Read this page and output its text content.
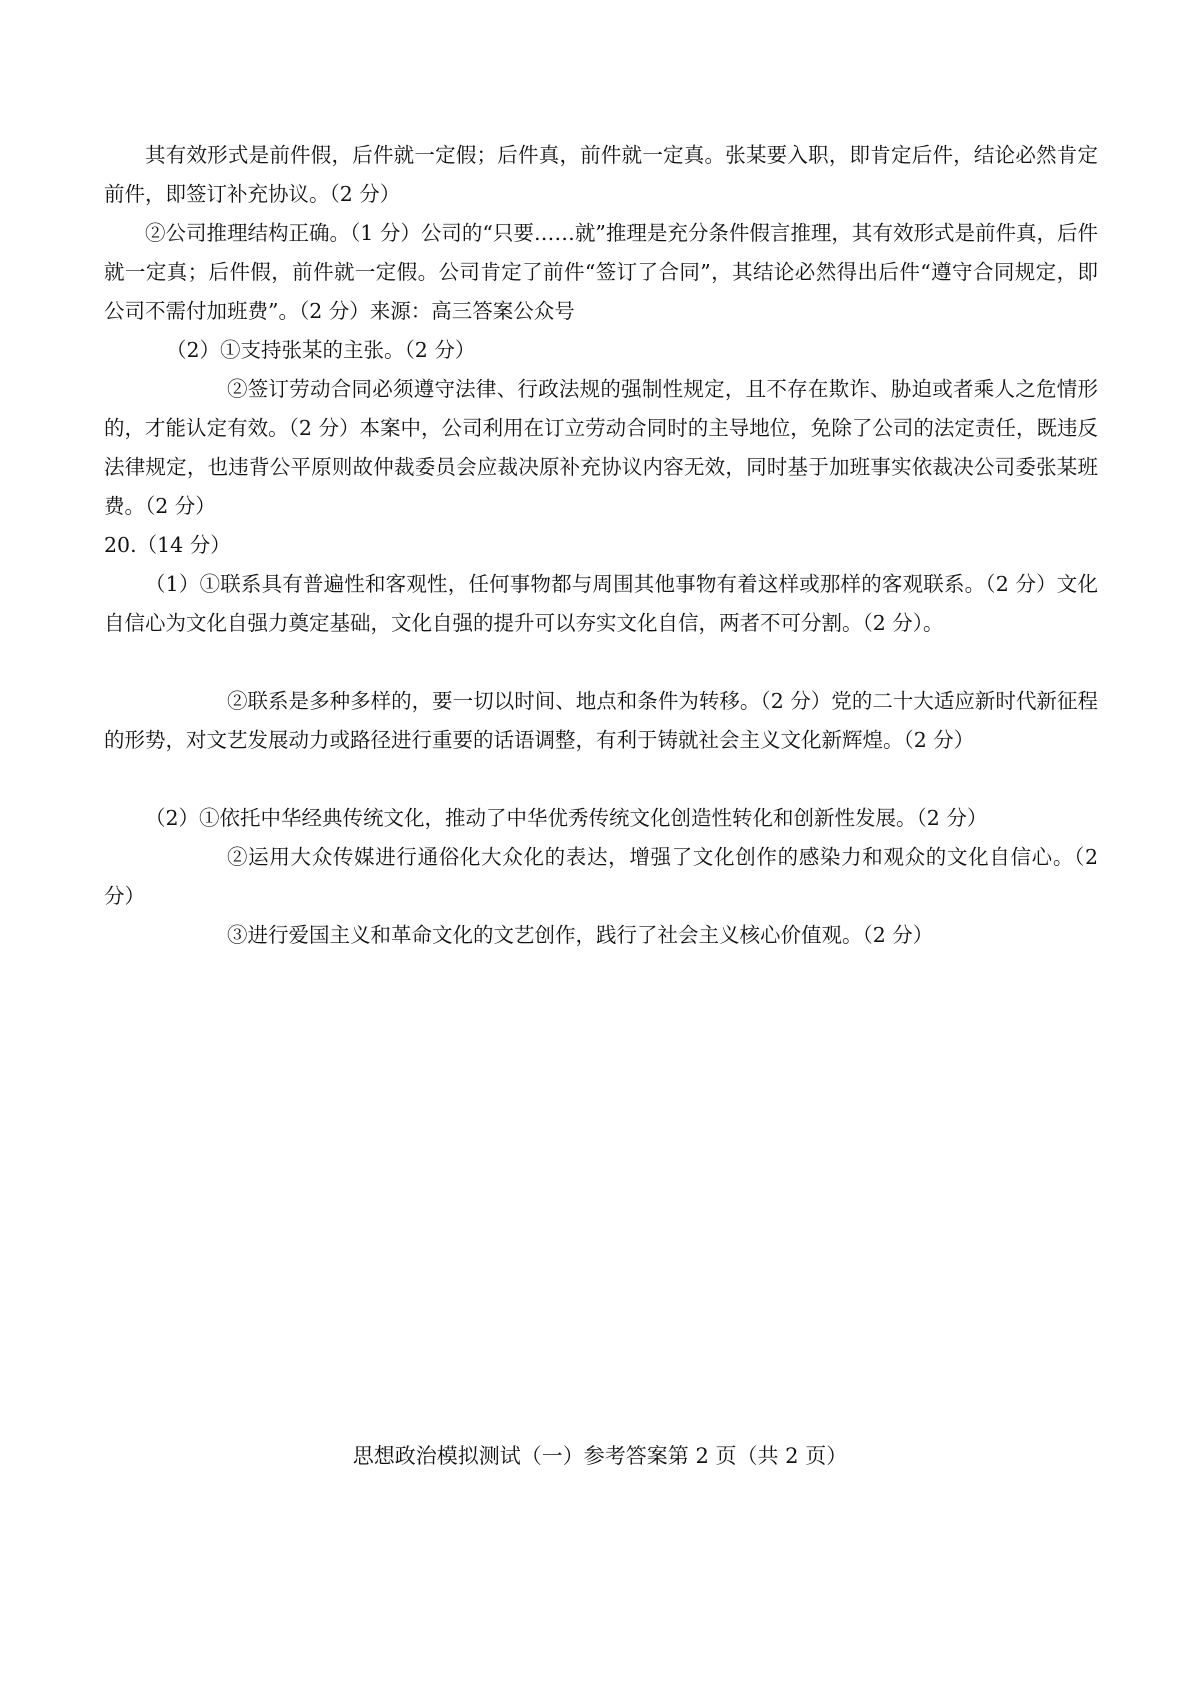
其有效形式是前件假，后件就一定假；后件真，前件就一定真。张某要入职，即肯定后件，结论必然肯定前件，即签订补充协议。（2 分）

②公司推理结构正确。（1 分）公司的“只要……就”推理是充分条件假言推理，其有效形式是前件真，后件就一定真；后件假，前件就一定假。公司肯定了前件“签订了合同”，其结论必然得出后件“遵守合同规定，即公司不需付加班费”。（2 分）来源：高三答案公众号

（2）①支持张某的主张。（2 分）

②签订劳动合同必须遵守法律、行政法规的强制性规定，且不存在欺诈、胁迫或者乘人之危情形的，才能认定有效。（2 分）本案中，公司利用在订立劳动合同时的主导地位，免除了公司的法定责任，既违反法律规定，也违背公平原则故仲裁委员会应裁决原补充协议内容无效，同时基于加班事实依裁决公司委张某班费。（2 分）

20.（14 分）

（1）①联系具有普遍性和客观性，任何事物都与周围其他事物有着这样或那样的客观联系。（2 分）文化自信心为文化自强力奠定基础，文化自强的提升可以夯实文化自信，两者不可分割。（2 分）。

②联系是多种多样的，要一切以时间、地点和条件为转移。（2 分）党的二十大适应新时代新征程的形势，对文艺发展动力或路径进行重要的话语调整，有利于铸就社会主义文化新辉煌。（2 分）

（2）①依托中华经典传统文化，推动了中华优秀传统文化创造性转化和创新性发展。（2 分）

②运用大众传媒进行通俗化大众化的表达，增强了文化创作的感染力和观众的文化自信心。（2 分）

③进行爱国主义和革命文化的文艺创作，践行了社会主义核心价值观。（2 分）

思想政治模拟测试（一）参考答案第 2 页（共 2 页）
